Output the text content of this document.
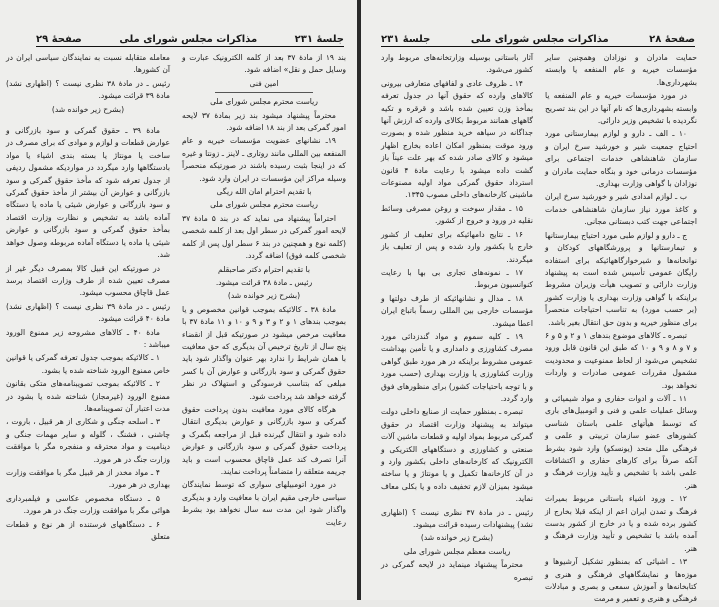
جلسهٔ ۲۳۱
مذاکرات مجلس شورای ملی
صفحهٔ ۲۹

بند ۱۹ از مادهٔ ۳۷ بعد از کلمه الکترونیک عبارت و وسایل حمل و نقل» اضافه شود.

امین فنی

ریاست محترم مجلس شورای ملی

محترماً پیشنهاد میشود بند زیر بمادهٔ ۳۷ لایحه امور گمرکی بعد از بند ۱۸ اضافه شود.

۱۹ـ نشانهای عضویت مؤسسات خیریه و عام المنفعه بین المللی مانند روتاری ـ لاینز ـ زونتا و غیره که در اینجا بثبت رسیده باشند در صورتیکه منحصراً وسیله مراکز این مؤسسات در ایران وارد شود.

با تقدیم احترام امان الله ریگی

ریاست محترم مجلس شورای ملی

احتراماً پیشنهاد می نماید که در بند ۵ مادهٔ ۳۷ لایحه امور گمرکی در سطر اول بعد از کلمه شخصی (کلمه نوع و همچنین در بند ۶ سطر اول پس از کلمه شخصی کلمه فوق) اضافه گردد.

با تقدیم احترام دکتر صاحبقلم

رئیس ـ مادهٔ ۳۸ قرائت میشود.

(بشرح زیر خوانده شد)

مادهٔ ۳۸ ـ کالائیکه بموجب قوانین مخصوص و یا بموجب بندهای ۱ و ۲ و ۳ و ۹ و ۱۰ و ۱۱ مادهٔ ۳۷ با معافیت مرخص میشود در صورتیکه قبل از انقضاء پنج سال از تاریخ ترخیص آن بدیگری که حق معافیت با همان شرایط را ندارد بهر عنوان واگذار شود باید حقوق گمرکی و سود بازرگانی و عوارض آن با کسر مبلغی که بتناسب فرسودگی و استهلاک در نظر گرفته خواهد شد پرداخت شود.

هرگاه کالای مورد معافیت بدون پرداخت حقوق گمرکی و سود بازرگانی و عوارض بدیگری انتقال داده شود و انتقال گیرنده قبل از مراجعه بگمرک و پرداخت حقوق گمرکی و سود بازرگانی و عوارض آنرا تصرف کند عمل قاچاق محسوب است و باید جریمه متعلقه را متضامناً پرداخت نمایند.

در مورد اتومبیلهای سواری که توسط نمایندگان سیاسی خارجی مقیم ایران با معافیت وارد و بدیگری واگذار شود این مدت سه سال نخواهد بود بشرط رعایت

معامله متقابله نسبت به نمایندگان سیاسی ایران در آن کشورها.

رئیس ـ در مادهٔ ۳۸ نظری نیست ؟ (اظهاری نشد) مادهٔ ۳۹ قرائت میشود.

(بشرح زیر خوانده شد)

مادهٔ ۳۹ ـ حقوق گمرکی و سود بازرگانی و عوارض قطعات و لوازم و موادی که برای مصرف در ساخت یا مونتاژ یا بسته بندی اشیاء یا مواد بادستگاهها وارد میگردد در مواردیکه مشمول ردیفی از جدول تعرفه شود که مأخذ حقوق گمرکی و سود بازرگانی و عوارض آن بیشتر از مأخذ حقوق گمرکی و سود بازرگانی و عوارض شیئی یا ماده یا دستگاه آماده باشد به تشخیص و نظارت وزارت اقتصاد بمأخذ حقوق گمرکی و سود بازرگانی و عوارض شیئی یا ماده یا دستگاه آماده مربوطه وصول خواهد شد.

در صورتیکه این قبیل کالا بمصرف دیگر غیر از مصرف تعیین شده از طرف وزارت اقتصاد برسد عمل قاچاق محسوب میشود.

رئیس ـ در مادهٔ ۳۹ نظری نیست ؟ (اظهاری نشد) مادهٔ ۴۰ قرائت میشود.

مادهٔ ۴۰ ـ کالاهای مشروحه زیر ممنوع الورود میباشد :

۱ ـ کالائیکه بموجب جدول تعرفه گمرکی یا قوانین خاص ممنوع الورود شناخته شده یا بشود.

۲ ـ کالائیکه بموجب تصویبنامه‌های متکی بقانون ممنوع الورود (غیرمجاز) شناخته شده یا بشود در مدت اعتبار آن تصویبنامه‌ها.

۳ ـ اسلحه جنگی و شکاری از هر قبیل ، باروت ، چاشنی ، فشنگ ، گلوله و سایر مهمات جنگی و دینامیت و مواد محترقه و منفجره مگر با موافقت وزارت جنگ در هر مورد.

۴ ـ مواد مخدر از هر قبیل مگر با موافقت وزارت بهداری در هر مورد.

۵ ـ دستگاه مخصوص عکاسی و فیلمبرداری هوائی مگر با موافقت وزارت جنگ در هر مورد.

۶ ـ دستگاههای فرستنده از هر نوع و قطعات متعلق

صفحهٔ ۲۸
مذاکرات مجلس شورای ملی
جلسهٔ ۲۳۱

حمایت مادران و نوزادان وهمچنین سایر مؤسسات خیریه و عام المنفعه یا وابسته بشهرداری‌ها.

در مورد مؤسسات خیریه و عام المنفعه یا وابسته بشهرداری‌ها که نام آنها در این بند تصریح نگردیده با تشخیص وزیر دارائی.

۱۰ ـ الف ـ دارو و لوازم بیمارستانی مورد احتیاج جمعیت شیر و خورشید سرخ ایران و سازمان شاهنشاهی خدمات اجتماعی برای مؤسسات درمانی خود و بنگاه حمایت مادران و نوزادان با گواهی وزارت بهداری.

ب ـ لوازم امدادی شیر و خورشید سرخ ایران و کاغذ مورد نیاز سازمان شاهنشاهی خدمات اجتماعی جهت کتب دبستانی مجانی.

ج ـ دارو و لوازم طبی مورد احتیاج بیمارستانها و تیمارستانها و پرورشگاههای کودکان و نوانخانه‌ها و شیرخوارگاههائیکه برای استفاده رایگان عمومی تأسیس شده است به پیشنهاد وزارت دارائی و تصویب هیأت وزیران مشروط براینکه با گواهی وزارت بهداری یا وزارت کشور (بر حسب مورد) به تناسب احتیاجات منحصراً برای منظور خیریه و بدون حق انتقال بغیر باشد.

تبصره ـ کالاهای موضوع بندهای ۱ و ۲ و ۵ و ۶ و ۷ و ۸ و ۹ و ۱۰ که طبق این قانون قابل ورود تشخیص می‌شود از لحاظ ممنوعیت و محدودیت مشمول مقررات عمومی صادرات و واردات نخواهد بود.

۱۱ ـ آلات و ادوات حفاری و مواد شیمیائی و وسائل عملیات علمی و فنی و اتومبیل‌های باری که توسط هیأتهای علمی باستان شناسی کشورهای عضو سازمان تربیتی و علمی و فرهنگی ملل متحد (یونسکو) وارد شود بشرط آنکه صرفاً برای کارهای حفاری و اکتشافات علمی باشد با تشخیص و تأیید وزارت فرهنگ و هنر.

۱۲ ـ ورود اشیاء باستانی مربوط بمیراث فرهنگ و تمدن ایران اعم از اینکه قبلا بخارج از کشور برده شده و یا در خارج از کشور بدست آمده باشد با تشخیص و تأیید وزارت فرهنگ و هنر.

۱۳ ـ اشیائی که بمنظور تشکیل آرشیوها و موزه‌ها و نمایشگاههای فرهنگی و هنری و کتابخانه‌ها و آموزش سمعی و بصری و مبادلات فرهنگی و هنری و تعمیر و مرمت

آثار باستانی بوسیله وزارتخانه‌های مربوط وارد کشور می‌شود.

۱۴ ـ ظروف عادی و لفافهای متعارفی بیرونی کالاهای وارده که حقوق آنها در جدول تعرفه بمأخذ وزن تعیین شده باشد و قرقره و تکیه گاههای همانند مربوط بکالای وارده که ارزش آنها جداگانه در سیاهه خرید منظور شده و بصورت ورود موقت بمنظور امکان اعاده بخارج اظهار میشود و کالای صادر شده که بهر علت عیناً باز گشت داده میشود با رعایت مادهٔ ۴ قانون استرداد حقوق گمرکی مواد اولیه مصنوعات ماشینی کارخانه‌های داخلی مصوب ۱۳۴۵.

۱۵ ـ مقدار سوخت و روغن مصرفی وسائط نقلیه در ورود و خروج از کشور.

۱۶ ـ نتایج دامهائیکه برای تعلیف از کشور خارج یا بکشور وارد شده و پس از تعلیف باز میگردند.

۱۷ ـ نمونه‌های تجاری بی بها با رعایت کنوانسیون مربوط.

۱۸ ـ مدال و نشانهائیکه از طرف دولتها و مؤسسات خارجی بین المللی رسماً باتباع ایران اعطا میشود.

۱۹ ـ کلیه سموم و مواد گندزدائی مورد مصرف کشاورزی و دامداری و یا تأمین بهداشت عمومی مشروط براینکه در هر مورد طبق گواهی وزارت کشاورزی یا وزارت بهداری (حسب مورد و با توجه باحتیاجات کشور) برای منظورهای فوق وارد گردد.

تبصره ـ بمنظور حمایت از صنایع داخلی دولت میتواند به پیشنهاد وزارت اقتصاد در حقوق گمرکی مربوط بمواد اولیه و قطعات ماشین آلات صنعتی و کشاورزی و دستگاههای الکتریکی و الکترونیک که کارخانه‌های داخلی بکشور وارد و در آن کارخانه‌ها تکمیل و یا مونتاژ و یا ساخته میشود بمیزان لازم تخفیف داده و یا بکلی معاف نماید.

رئیس ـ در مادهٔ ۳۷ نظری نیست ؟ (اظهاری نشد) پیشنهادات رسیده قرائت میشود.

(بشرح زیر خوانده شد)

ریاست معظم مجلس شورای ملی

محترماً پیشنهاد مینماید در لایحه گمرکی در تبصره
